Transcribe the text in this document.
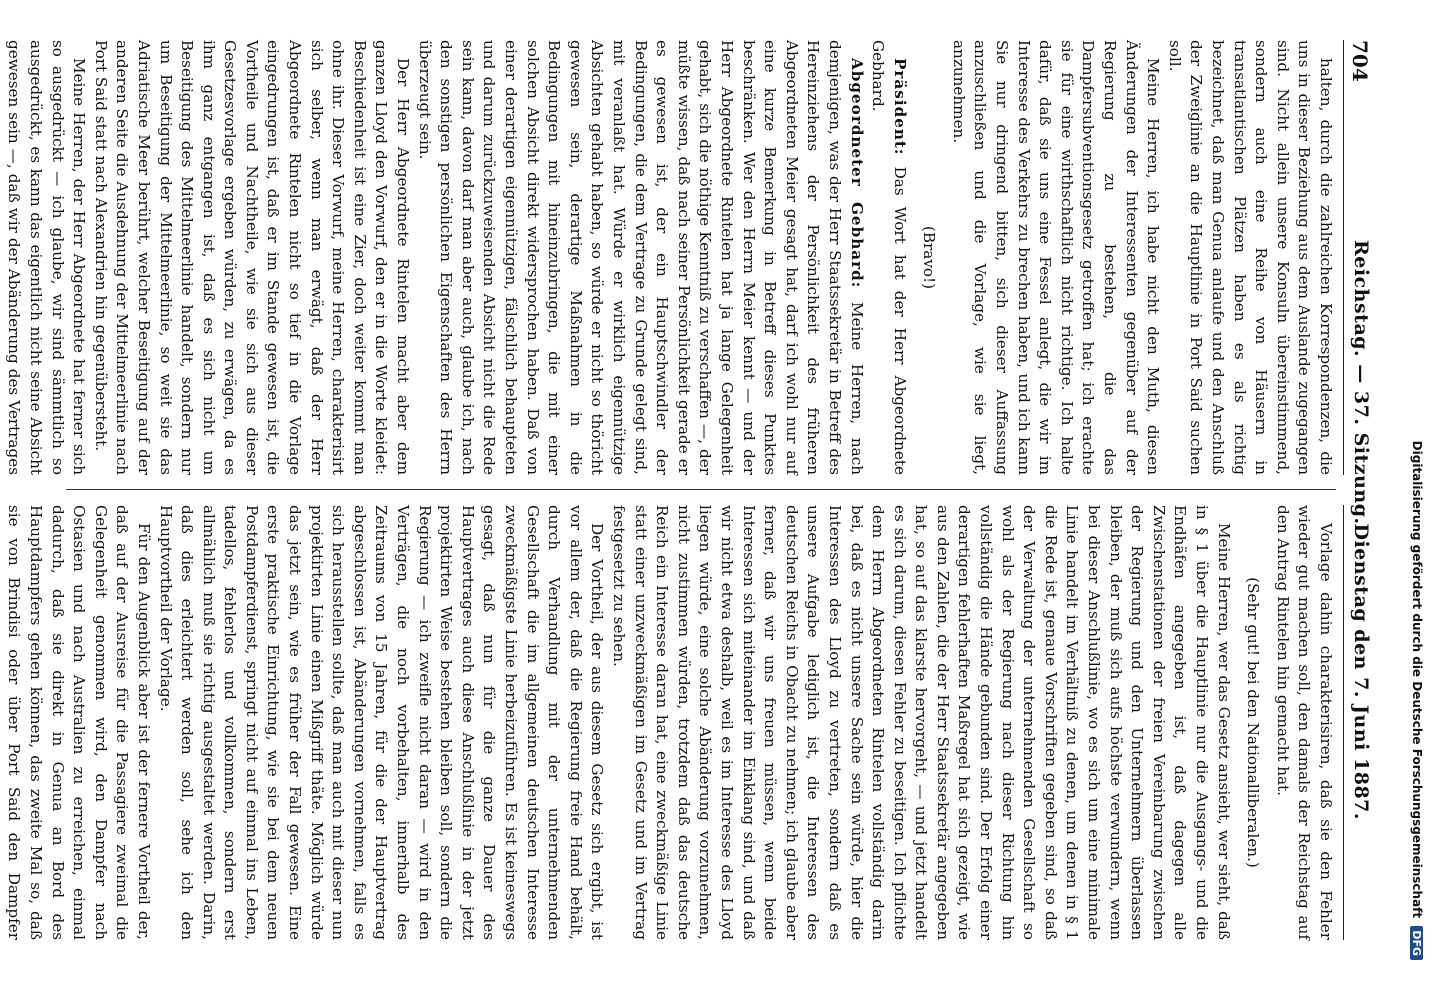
Digitalisierung gefördert durch die Deutsche Forschungsgemeinschaft DFG
704
Reichstag. — 37. Sitzung.
Dienstag den 7. Juni 1887.

halten, durch die zahlreichen Korrespondenzen, die uns in dieser Beziehung aus dem Auslande zugegangen sind. Nicht allein unsere Konsuln übereinstimmend, sondern auch eine Reihe von Häusern in transatlantischen Plätzen haben es als richtig bezeichnet, daß man Genua anlaufe und den Anschluß der Zweiglinie an die Hauptlinie in Port Said suchen soll.

Meine Herren, ich habe nicht den Muth, diesen Änderungen der Interessenten gegenüber auf der Regierung zu bestehen, die das Dampfersubventionsgesetz getroffen hat; ich erachte sie für eine wirthschaftlich nicht richtige. Ich halte dafür, daß sie uns eine Fessel anlegt, die wir im Interesse des Verkehrs zu brechen haben, und ich kann Sie nur dringend bitten, sich dieser Auffassung anzuschließen und die Vorlage, wie sie liegt, anzunehmen.

(Bravo!)

Präsident: Das Wort hat der Herr Abgeordnete Gebhard.

Abgeordneter Gebhard: Meine Herren, nach demjenigen, was der Herr Staatssekretär in Betreff des Hereinziehens der Persönlichkeit des früheren Abgeordneten Meier gesagt hat, darf ich wohl nur auf eine kurze Bemerkung in Betreff dieses Punktes beschränken. Wer den Herrn Meier kennt — und der Herr Abgeordnete Rintelen hat ja lange Gelegenheit gehabt, sich die nöthige Kenntniß zu verschaffen —, der müßte wissen, daß nach seiner Persönlichkeit gerade er es gewesen ist, der ein Hauptschwindler der Bedingungen, die dem Vertrage zu Grunde gelegt sind, mit veranlaßt hat. Würde er wirklich eigennützige Absichten gehabt haben, so würde er nicht so thöricht gewesen sein, derartige Maßnahmen in die Bedingungen mit hineinzubringen, die mit einer solchen Absicht direkt widersprochen haben. Daß von einer derartigen eigennützigen, fälschlich behaupteten und darum zurückzuweisenden Absicht nicht die Rede sein kann, davon darf man aber auch, glaube ich, nach den sonstigen persönlichen Eigenschaften des Herrn überzeugt sein.

Der Herr Abgeordnete Rintelen macht aber dem ganzen Lloyd den Vorwurf, den er in die Worte kleidet: Beschiedenheit ist eine Zier, doch weiter kommt man ohne ihr. Dieser Vorwurf, meine Herren, charakterisirt sich selber, wenn man erwägt, daß der Herr Abgeordnete Rintelen nicht so tief in die Vorlage eingedrungen ist, daß er im Stande gewesen ist, die Vortheile und Nachtheile, wie sie sich aus dieser Gesetzesvorlage ergeben würden, zu erwägen, da es ihm ganz entgangen ist, daß es sich nicht um Beseitigung des Mittelmeerlinie handelt, sondern nur um Beseitigung der Mittelmeerlinie, so weit sie das Adriatische Meer berührt, welcher Beseitigung auf der anderen Seite die Ausdehnung der Mittelmeerlinie nach Port Said statt nach Alexandrien hin gegenübersteht.

Meine Herren, der Herr Abgeordnete hat ferner sich so ausgedrückt — ich glaube, wir sind sämmtlich so ausgedrückt, es kann das eigentlich nicht seine Absicht gewesen sein —, daß wir der Abänderung des Vertrages

Vorlage dahin charakterisiren, daß sie den Fehler wieder gut machen soll, den damals der Reichstag auf den Antrag Rintelen hin gemacht hat.

(Sehr gut! bei den Nationalliberalen.)

Meine Herren, wer das Gesetz ansieht, wer sieht, daß in § 1 über die Hauptlinie nur die Ausgangs- und die Endhäfen angegeben ist, daß dagegen alle Zwischenstationen der freien Vereinbarung zwischen der Regierung und den Unternehmern überlassen bleiben, der muß sich aufs höchste verwundern, wenn bei dieser Anschlußlinie, wo es sich um eine minimale Linie handelt im Verhältniß zu denen, um denen in § 1 die Rede ist, genaue Vorschriften gegeben sind, so daß der Verwaltung der unternehmenden Gesellschaft so wohl als der Regierung nach dieser Richtung hin vollständig die Hände gebunden sind. Der Erfolg einer derartigen fehlerhaften Maßregel hat sich gezeigt, wie aus den Zahlen, die der Herr Staatssekretär angegeben hat, so auf das klarste hervorgeht, — und jetzt handelt es sich darum, diesen Fehler zu beseitigen. Ich pflichte dem Herrn Abgeordneten Rintelen vollständig darin bei, daß es nicht unsere Sache sein würde, hier die Interessen des Lloyd zu vertreten, sondern daß es unsere Aufgabe lediglich ist, die Interessen des deutschen Reichs in Obacht zu nehmen; ich glaube aber ferner, daß wir uns freuen müssen, wenn beide Interessen sich miteinander im Einklang sind, und daß wir nicht etwa deshalb, weil es im Interesse des Lloyd liegen würde, eine solche Abänderung vorzunehmen, nicht zustimmen würden, trotzdem daß das deutsche Reich ein Interesse daran hat, eine zweckmäßige Linie statt einer unzweckmäßigen im Gesetz und im Vertrag festgesetzt zu sehen.

Der Vortheil, der aus diesem Gesetz sich ergibt, ist vor allem der, daß die Regierung freie Hand behält, durch Verhandlung mit der unternehmenden Gesellschaft die im allgemeinen deutschen Interesse zweckmäßigste Linie herbeizuführen. Es ist keineswegs gesagt, daß nun für die ganze Dauer des Hauptvertrages auch diese Anschlußlinie in der jetzt projektirten Weise bestehen bleiben soll, sondern die Regierung — ich zweifle nicht daran — wird in den Verträgen, die noch vorbehalten, innerhalb des Zeitraums von 15 Jahren, für die der Hauptvertrag abgeschlossen ist, Abänderungen vornehmen, falls es sich herausstellen sollte, daß man auch mit dieser nun projektirten Linie einen Mißgriff thäte. Möglich würde das jetzt sein, wie es früher der Fall gewesen. Eine erste praktische Einrichtung, wie sie bei dem neuen Postdampferdienst, springt nicht auf einmal ins Leben, tadellos, fehlerlos und vollkommen, sondern erst allmählich muß sie richtig ausgestaltet werden. Darin, daß dies erleichtert werden soll, sehe ich den Hauptvortheil der Vorlage.

Für den Augenblick aber ist der fernere Vortheil der, daß auf der Ausreise für die Passagiere zweimal die Gelegenheit genommen wird, den Dampfer nach Ostasien und nach Australien zu erreichen, einmal dadurch, daß sie direkt in Genua an Bord des Hauptdampfers gehen können, das zweite Mal so, daß sie von Brindisi oder über Port Said den Dampfer
